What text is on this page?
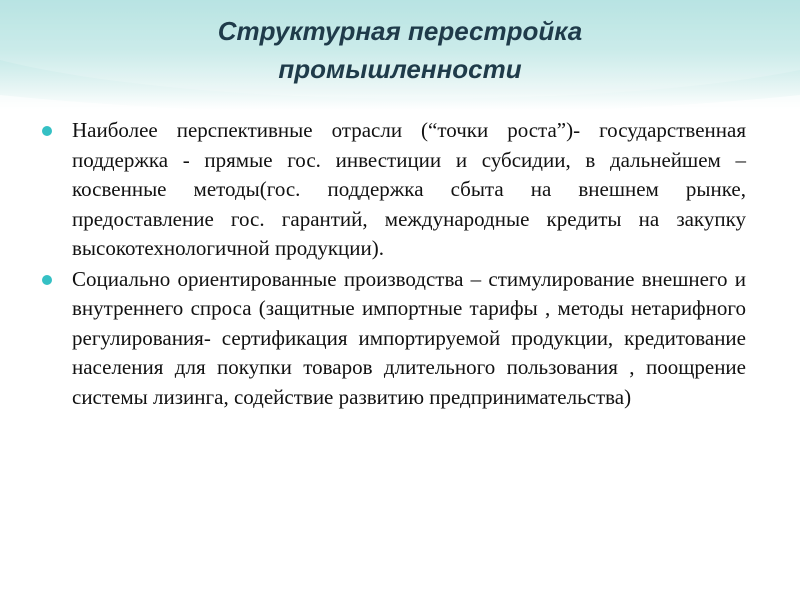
Структурная перестройка
промышленности

Наиболее перспективные отрасли (“точки роста”)- государственная поддержка - прямые гос. инвестиции и субсидии, в дальнейшем – косвенные методы(гос. поддержка сбыта на внешнем рынке, предоставление гос. гарантий, международные кредиты на закупку высокотехнологичной продукции).

Социально ориентированные производства – стимулирование внешнего и внутреннего спроса (защитные импортные тарифы , методы нетарифного регулирования- сертификация импортируемой продукции, кредитование населения для покупки товаров длительного пользования , поощрение системы лизинга, содействие развитию предпринимательства)
